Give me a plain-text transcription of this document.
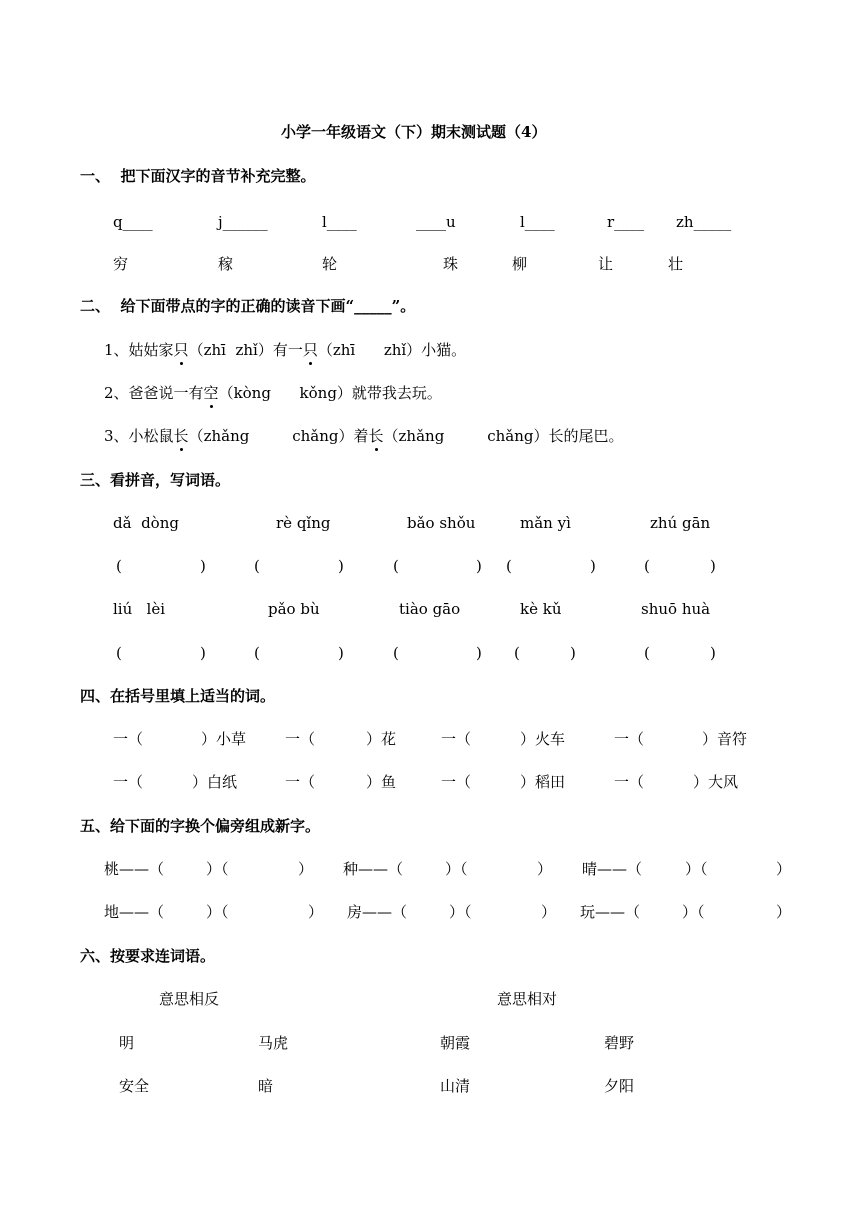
小学一年级语文（下）期末测试题（4）
一、  把下面汉字的音节补充完整。
q____	j______	l____	____u	l____	r____ zh_____
穷	稼	轮	珠	柳	让	壮
二、  给下面带点的字的正确的读音下画“_____”。
1、姑姑家只（zhī  zhǐ）有一只（zhī      zhǐ）小猫。
2、爸爸说一有空（kòng      kǒng）就带我去玩。
3、小松鼠长（zhǎng         chǎng）着长（zhǎng         chǎng）长的尾巴。
三、看拼音，写词语。
dǎ  dòng	rè qǐng	bǎo shǒu	mǎn yì	zhú gān
(	)	(	)	(	) (	)	(	)
liú   lèi	pǎo bù	tiào gāo	kè kǔ	shuō huà
(	)	(	)	(	) (	)	(	)
四、在括号里填上适当的词。
一（	）小草	一（	）花	一（	）火车	一（	）音符
一（	）白纸	一（	）鱼	一（	）稻田	一（	）大风
五、给下面的字换个偏旁组成新字。
桃——（	）（	） 种——（	）（	） 晴——（	）（	）
地——（	）（	） 房——（	）（	） 玩——（	）（	）
六、按要求连词语。
意思相反	意思相对
明	马虎	朝霞	碧野
安全	暗	山清	夕阳
